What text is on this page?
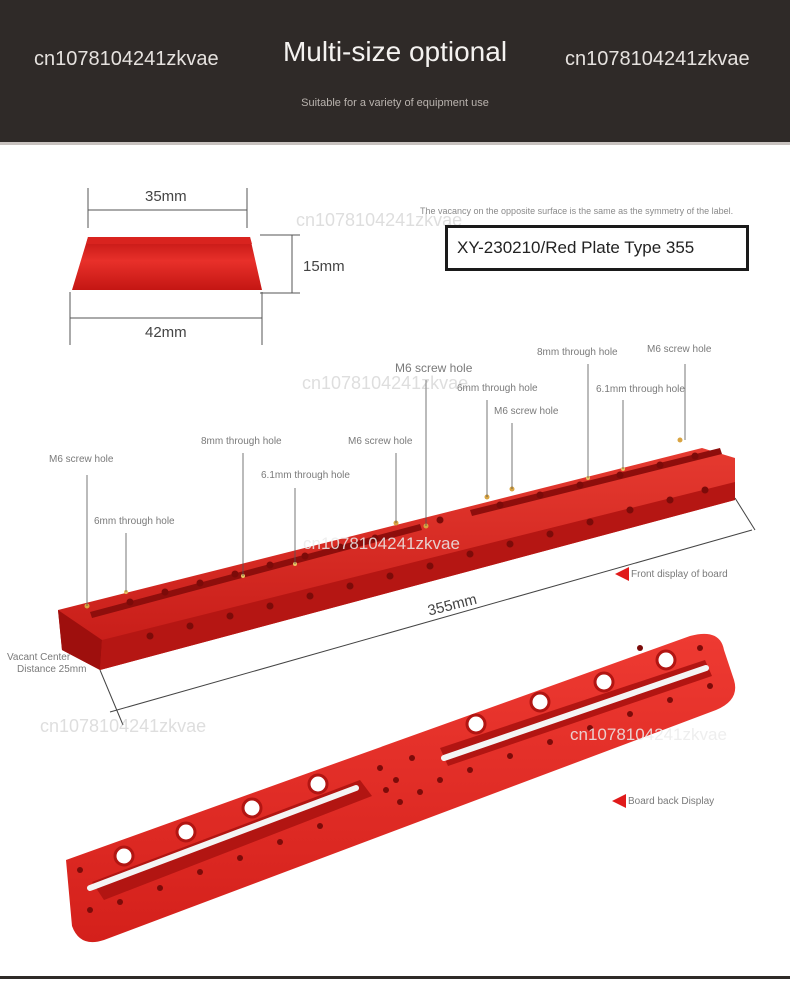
cn1078104241zkvae	Multi-size optional	cn1078104241zkvae
Suitable for a variety of equipment use
35mm
15mm
42mm
cn1078104241zkvae
The vacancy on the opposite surface is the same as the symmetry of the label.
XY-230210/Red Plate Type 355
M6 screw hole
6mm through hole
8mm through hole
6.1mm through hole
M6 screw hole
M6 screw hole
6mm through hole
M6 screw hole
8mm through hole
6.1mm through hole
M6 screw hole
cn1078104241zkvae
cn1078104241zkvae
355mm
Vacant Center
Distance 25mm
Front display of board
cn1078104241zkvae	cn1078104241zkvae
Board back Display
